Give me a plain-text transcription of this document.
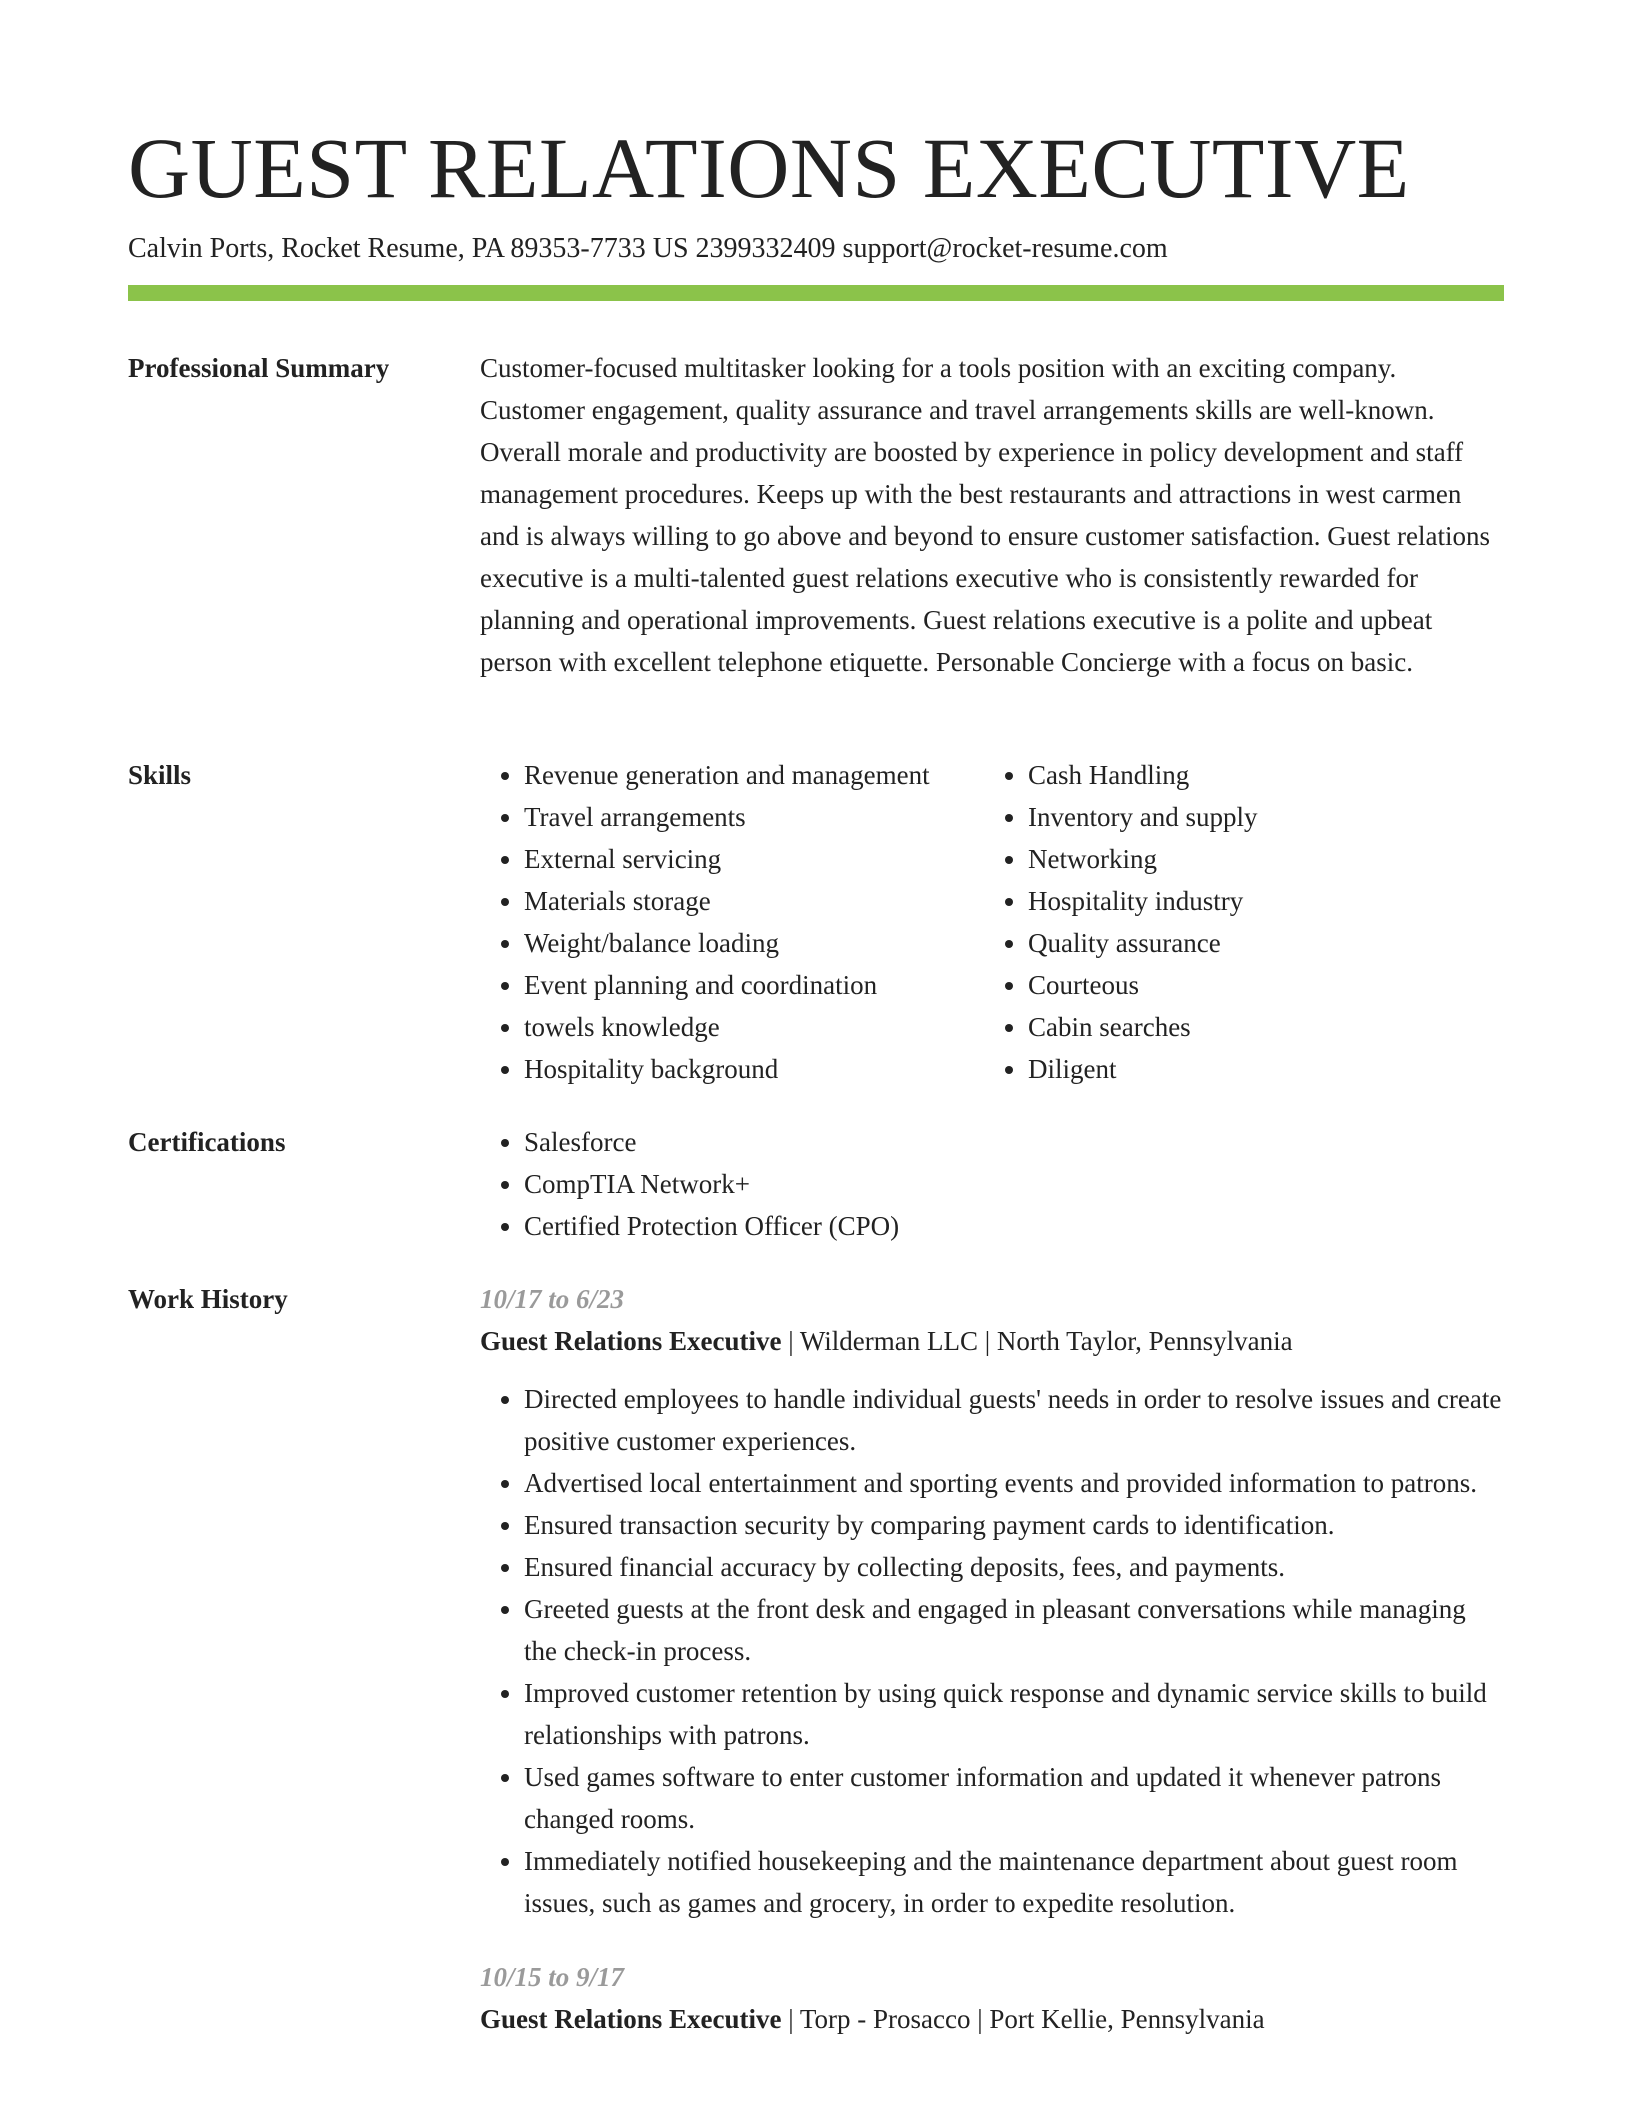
GUEST RELATIONS EXECUTIVE
Calvin Ports, Rocket Resume, PA 89353-7733 US 2399332409 support@rocket-resume.com
Professional Summary	Customer-focused multitasker looking for a tools position with an exciting company. Customer engagement, quality assurance and travel arrangements skills are well-known. Overall morale and productivity are boosted by experience in policy development and staff management procedures. Keeps up with the best restaurants and attractions in west carmen and is always willing to go above and beyond to ensure customer satisfaction. Guest relations executive is a multi-talented guest relations executive who is consistently rewarded for planning and operational improvements. Guest relations executive is a polite and upbeat person with excellent telephone etiquette. Personable Concierge with a focus on basic.

Skills	• Revenue generation and management
• Travel arrangements
• External servicing
• Materials storage
• Weight/balance loading
• Event planning and coordination
• towels knowledge
• Hospitality background
• Cash Handling
• Inventory and supply
• Networking
• Hospitality industry
• Quality assurance
• Courteous
• Cabin searches
• Diligent
Certifications	• Salesforce
• CompTIA Network+
• Certified Protection Officer (CPO)
Work History	10/17 to 6/23
Guest Relations Executive | Wilderman LLC | North Taylor, Pennsylvania
• Directed employees to handle individual guests' needs in order to resolve issues and create positive customer experiences.
• Advertised local entertainment and sporting events and provided information to patrons.
• Ensured transaction security by comparing payment cards to identification.
• Ensured financial accuracy by collecting deposits, fees, and payments.
• Greeted guests at the front desk and engaged in pleasant conversations while managing the check-in process.
• Improved customer retention by using quick response and dynamic service skills to build relationships with patrons.
• Used games software to enter customer information and updated it whenever patrons changed rooms.
• Immediately notified housekeeping and the maintenance department about guest room issues, such as games and grocery, in order to expedite resolution.
10/15 to 9/17
Guest Relations Executive | Torp - Prosacco | Port Kellie, Pennsylvania
